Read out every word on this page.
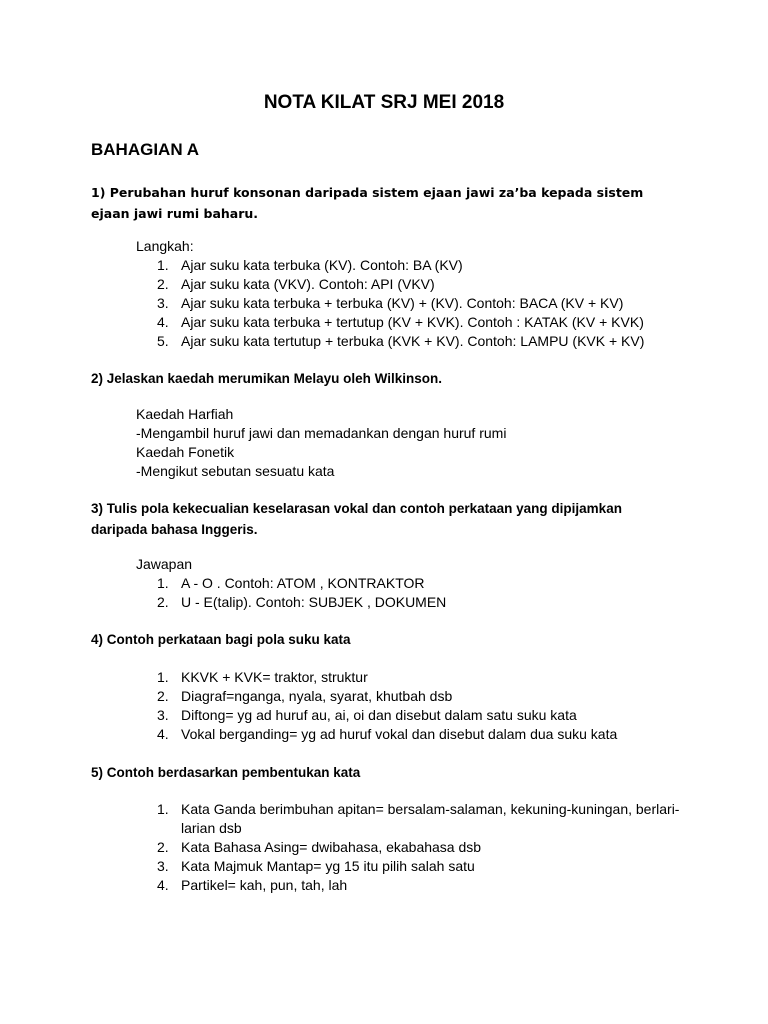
NOTA KILAT SRJ MEI 2018
BAHAGIAN A
1) Perubahan huruf konsonan daripada sistem ejaan jawi za’ba kepada sistem ejaan jawi rumi baharu.
Langkah:
1. Ajar suku kata terbuka (KV). Contoh: BA (KV)
2. Ajar suku kata (VKV). Contoh: API (VKV)
3. Ajar suku kata terbuka + terbuka (KV) + (KV). Contoh: BACA (KV + KV)
4. Ajar suku kata terbuka + tertutup (KV + KVK). Contoh : KATAK (KV + KVK)
5. Ajar suku kata tertutup + terbuka (KVK + KV). Contoh: LAMPU (KVK + KV)
2) Jelaskan kaedah merumikan Melayu oleh Wilkinson.
Kaedah Harfiah
-Mengambil huruf jawi dan memadankan dengan huruf rumi
Kaedah Fonetik
-Mengikut sebutan sesuatu kata
3) Tulis pola kekecualian keselarasan vokal dan contoh perkataan yang dipijamkan daripada bahasa Inggeris.
Jawapan
1. A - O . Contoh: ATOM , KONTRAKTOR
2. U - E(talip). Contoh: SUBJEK , DOKUMEN
4) Contoh perkataan bagi pola suku kata
1. KKVK + KVK= traktor, struktur
2. Diagraf=nganga, nyala, syarat, khutbah dsb
3. Diftong= yg ad huruf au, ai, oi dan disebut dalam satu suku kata
4. Vokal berganding= yg ad huruf vokal dan disebut dalam dua suku kata
5) Contoh berdasarkan pembentukan kata
1. Kata Ganda berimbuhan apitan= bersalam-salaman, kekuning-kuningan, berlari-larian dsb
2. Kata Bahasa Asing= dwibahasa, ekabahasa dsb
3. Kata Majmuk Mantap= yg 15 itu pilih salah satu
4. Partikel= kah, pun, tah, lah
